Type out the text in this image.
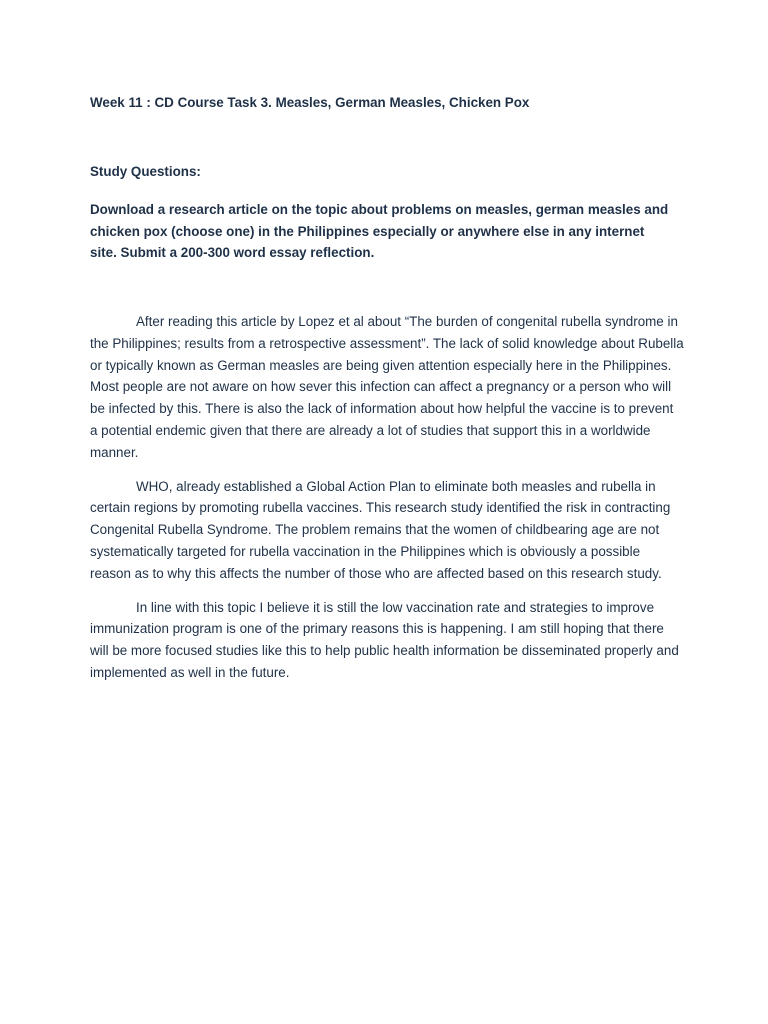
Week 11 : CD Course Task 3. Measles, German Measles, Chicken Pox
Study Questions:

Download a research article on the topic about problems on measles, german measles and chicken pox (choose one) in the Philippines especially or anywhere else in any internet site. Submit a 200-300 word essay reflection.

After reading this article by Lopez et al about “The burden of congenital rubella syndrome in the Philippines; results from a retrospective assessment”. The lack of solid knowledge about Rubella or typically known as German measles are being given attention especially here in the Philippines. Most people are not aware on how sever this infection can affect a pregnancy or a person who will be infected by this. There is also the lack of information about how helpful the vaccine is to prevent a potential endemic given that there are already a lot of studies that support this in a worldwide manner.

WHO, already established a Global Action Plan to eliminate both measles and rubella in certain regions by promoting rubella vaccines. This research study identified the risk in contracting Congenital Rubella Syndrome. The problem remains that the women of childbearing age are not systematically targeted for rubella vaccination in the Philippines which is obviously a possible reason as to why this affects the number of those who are affected based on this research study.

In line with this topic I believe it is still the low vaccination rate and strategies to improve immunization program is one of the primary reasons this is happening. I am still hoping that there will be more focused studies like this to help public health information be disseminated properly and implemented as well in the future.
